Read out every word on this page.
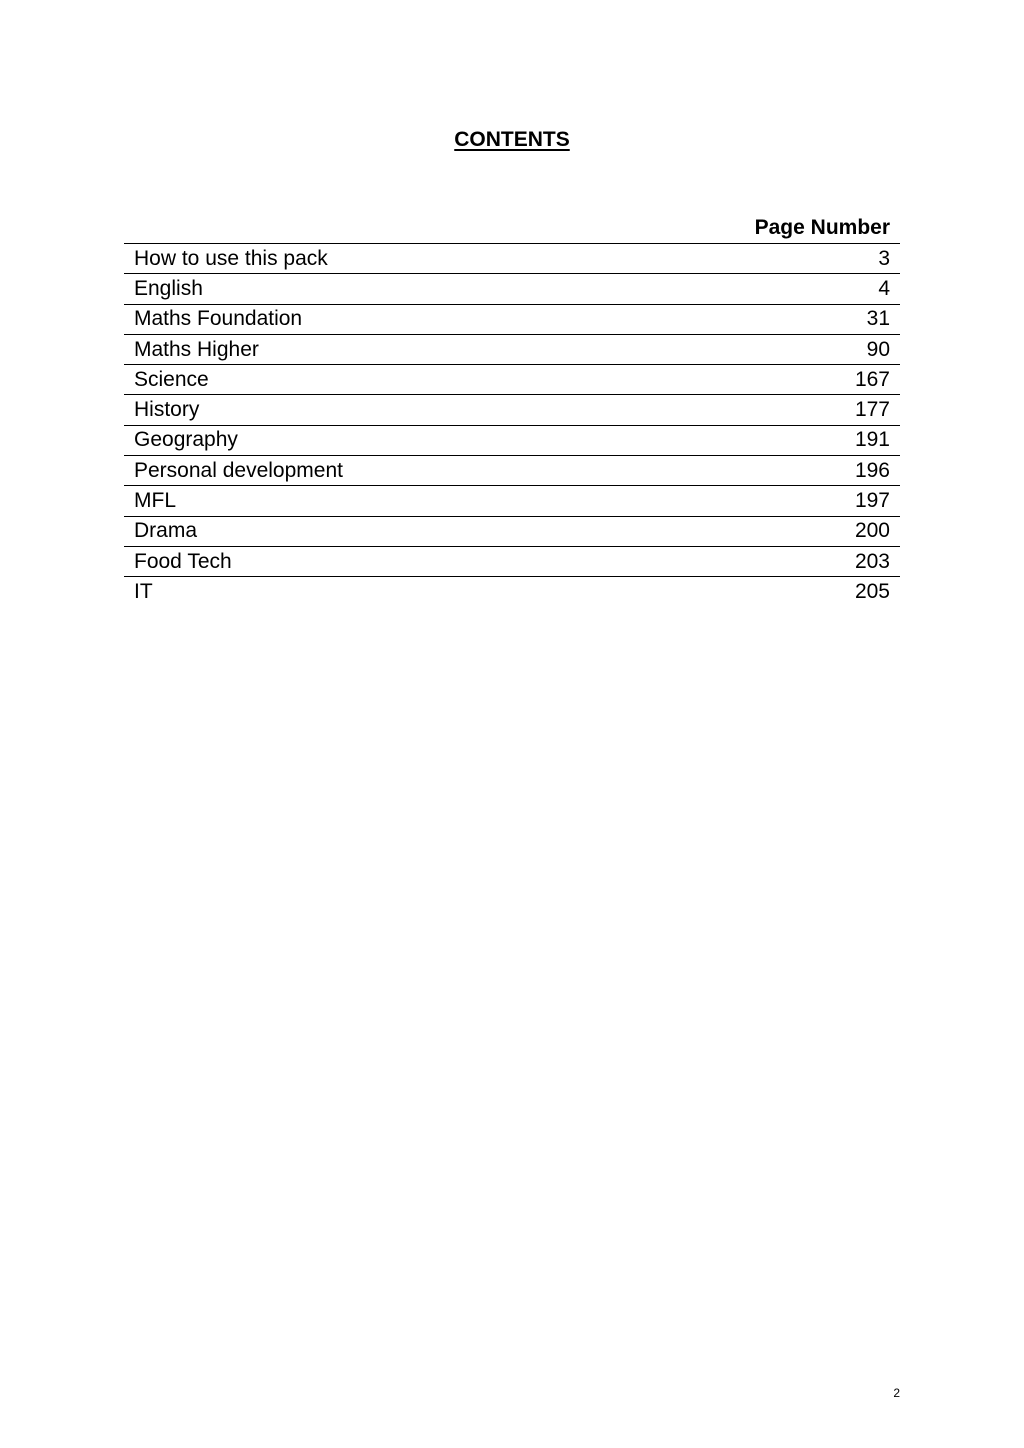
CONTENTS
Page Number
How to use this pack	3
English	4
Maths Foundation	31
Maths Higher	90
Science	167
History	177
Geography	191
Personal development	196
MFL	197
Drama	200
Food Tech	203
IT	205
2
